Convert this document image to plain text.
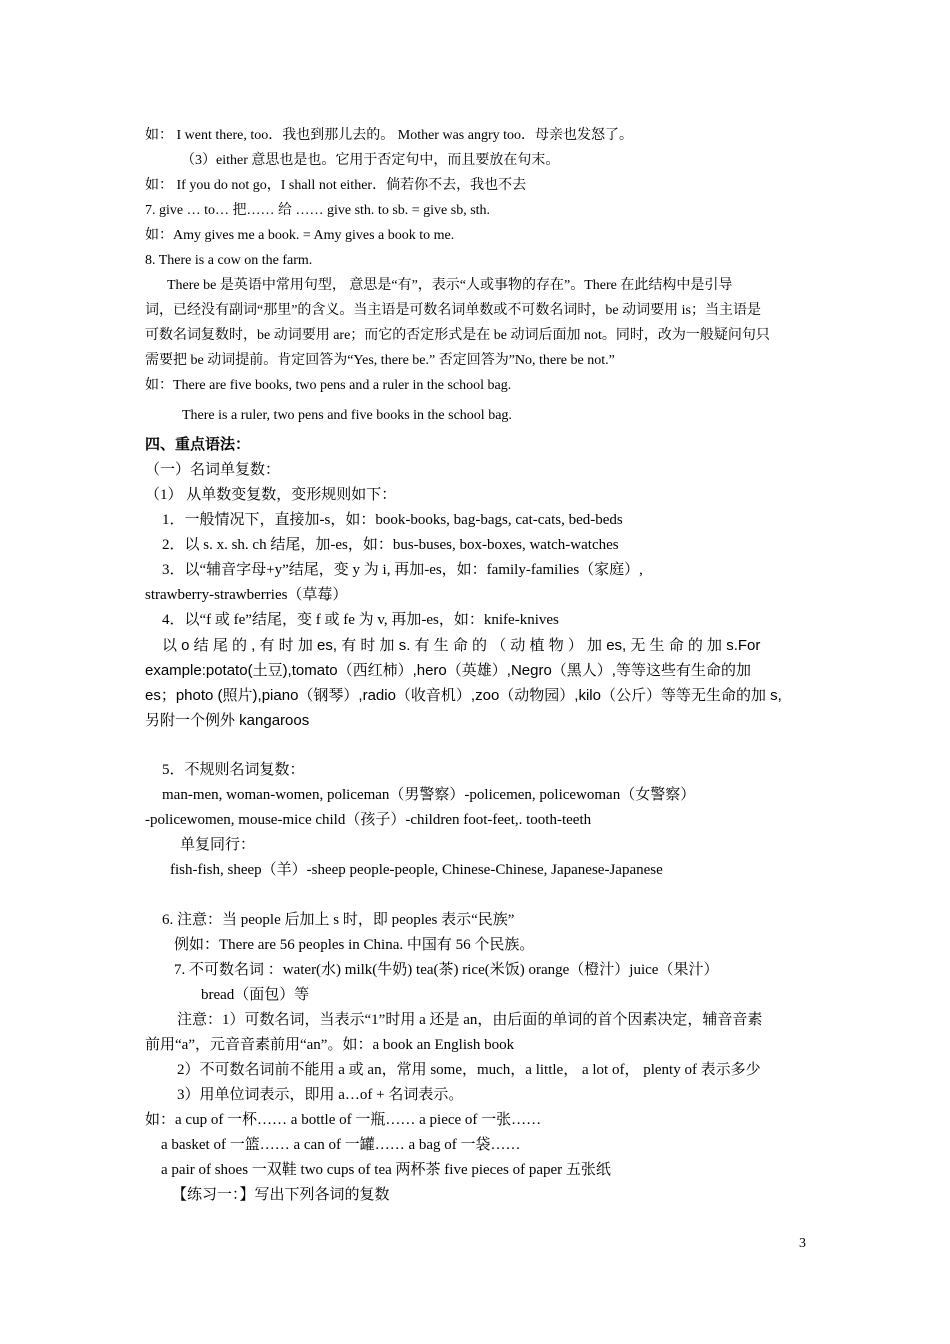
如： I went there, too．我也到那儿去的。 Mother was angry too．母亲也发怒了。
（3）either 意思也是也。它用于否定句中，而且要放在句末。
如： If you do not go，I shall not either．倘若你不去，我也不去
7. give … to… 把…… 给 …… give sth. to sb. = give sb, sth.
如：Amy gives me a book. = Amy gives a book to me.
8. There is a cow on the farm.
There be 是英语中常用句型， 意思是“有”，表示“人或事物的存在”。There 在此结构中是引导
词，已经没有副词“那里”的含义。当主语是可数名词单数或不可数名词时，be 动词要用 is；当主语是
可数名词复数时，be 动词要用 are；而它的否定形式是在 be 动词后面加 not。同时，改为一般疑问句只
需要把 be 动词提前。肯定回答为“Yes, there be.” 否定回答为”No, there be not.”
如：There are five books, two pens and a ruler in the school bag.
There is a ruler, two pens and five books in the school bag.
四、重点语法：
（一）名词单复数：
（1） 从单数变复数，变形规则如下：
1．一般情况下，直接加-s，如：book-books, bag-bags, cat-cats, bed-beds
2．以 s. x. sh. ch 结尾，加-es，如：bus-buses, box-boxes, watch-watches
3．以“辅音字母+y”结尾，变 y 为 i, 再加-es，如：family-families（家庭）,
strawberry-strawberries（草莓）
4．以“f 或 fe”结尾，变 f 或 fe 为 v, 再加-es，如：knife-knives
以 o 结 尾 的 , 有 时 加 es, 有 时 加 s. 有 生 命 的 （ 动 植 物 ） 加 es, 无 生 命 的 加 s.For
example:potato(土豆),tomato（西红柿）,hero（英雄）,Negro（黑人）,等等这些有生命的加
es；photo (照片),piano（钢琴）,radio（收音机）,zoo（动物园）,kilo（公斤）等等无生命的加 s,
另附一个例外 kangaroos
5．不规则名词复数：
man-men, woman-women, policeman（男警察）-policemen, policewoman（女警察）
-policewomen, mouse-mice child（孩子）-children foot-feet,. tooth-teeth
单复同行：
fish-fish, sheep（羊）-sheep people-people, Chinese-Chinese, Japanese-Japanese
6. 注意：当 people 后加上 s 时，即 peoples 表示“民族”
例如：There are 56 peoples in China. 中国有 56 个民族。
7. 不可数名词 ：water(水) milk(牛奶) tea(茶) rice(米饭) orange（橙汁）juice（果汁）
bread（面包）等
注意：1）可数名词，当表示“1”时用 a 还是 an，由后面的单词的首个因素决定，辅音音素
前用“a”，元音音素前用“an”。如：a book an English book
2）不可数名词前不能用 a 或 an，常用 some，much，a little， a lot of， plenty of 表示多少
3）用单位词表示，即用 a…of + 名词表示。
如：a cup of 一杯…… a bottle of 一瓶…… a piece of 一张……
a basket of 一篮…… a can of 一罐…… a bag of 一袋……
a pair of shoes 一双鞋 two cups of tea 两杯茶 five pieces of paper 五张纸
【练习一：】写出下列各词的复数
3
